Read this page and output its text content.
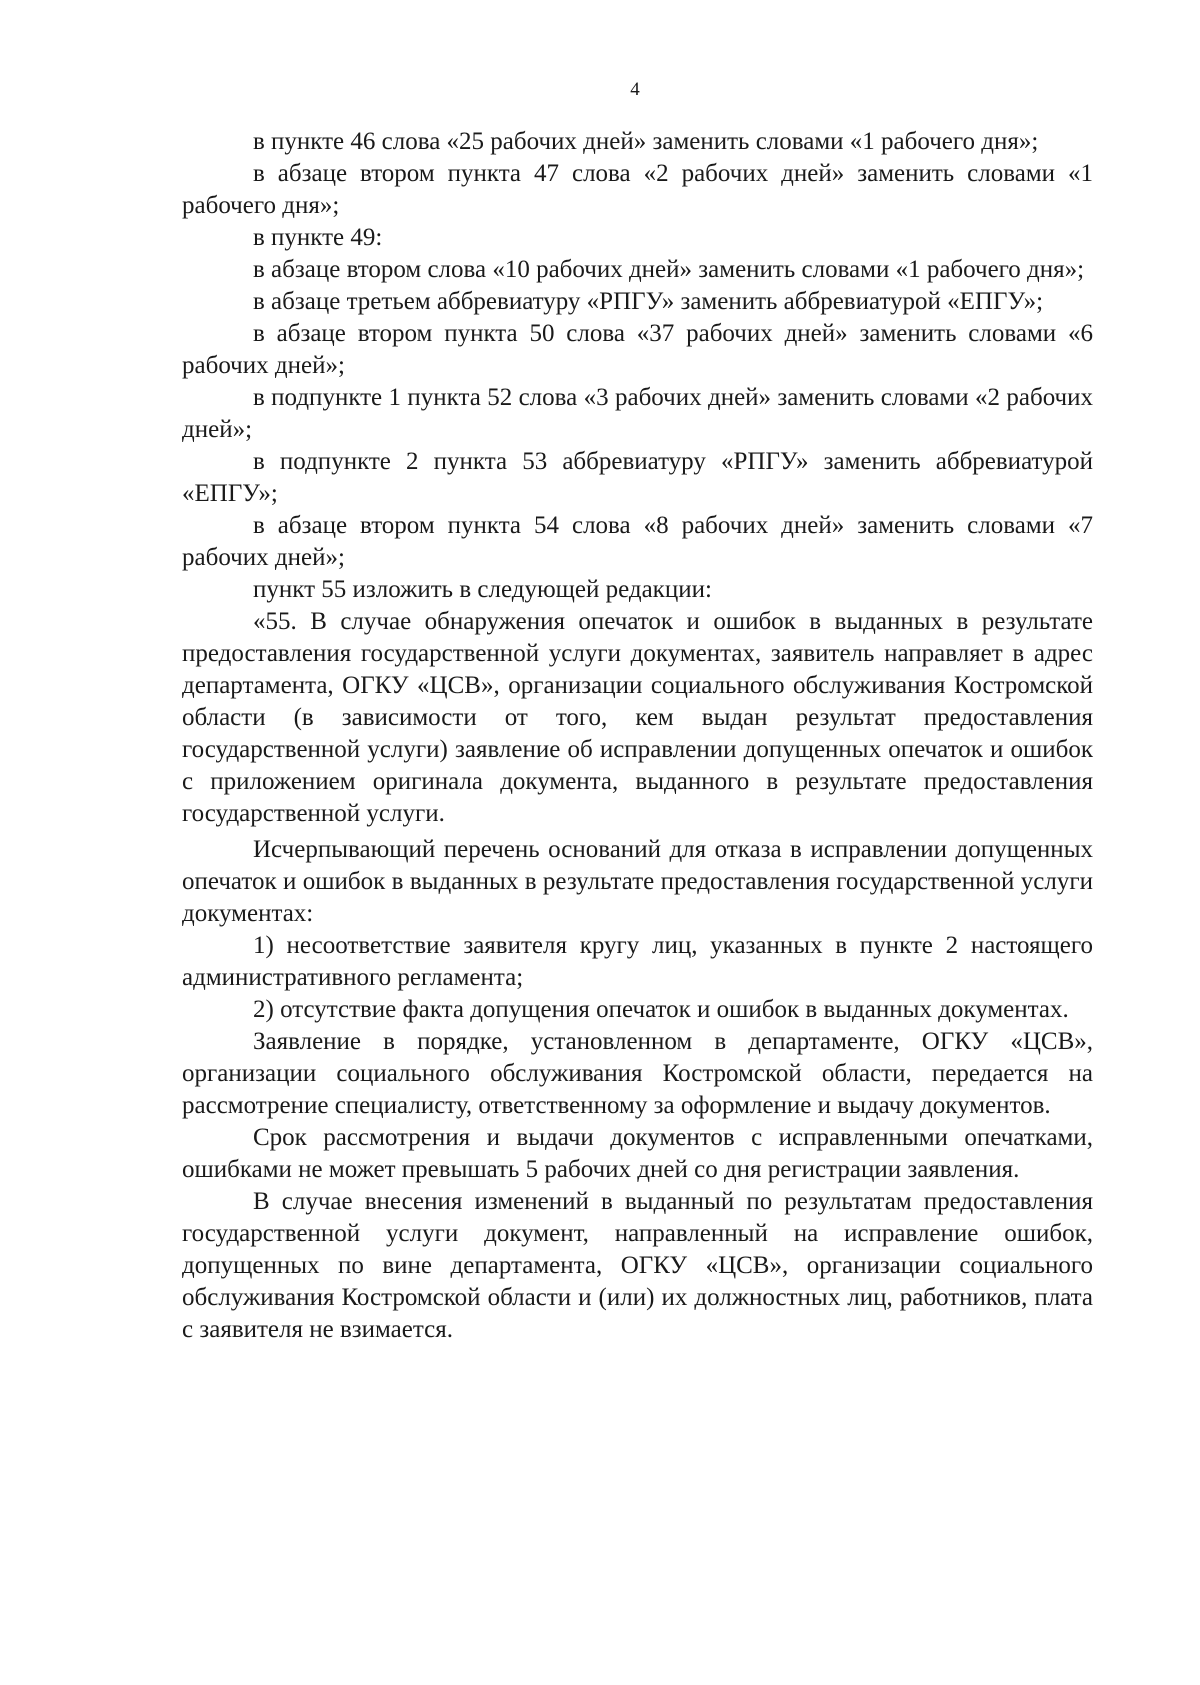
4

в пункте 46 слова «25 рабочих дней» заменить словами «1 рабочего дня»;

в абзаце втором пункта 47 слова «2 рабочих дней» заменить словами «1 рабочего дня»;

в пункте 49:

в абзаце втором слова «10 рабочих дней» заменить словами «1 рабочего дня»;

в абзаце третьем аббревиатуру «РПГУ» заменить аббревиатурой «ЕПГУ»;

в абзаце втором пункта 50 слова «37 рабочих дней» заменить словами «6 рабочих дней»;

в подпункте 1 пункта 52 слова «3 рабочих дней» заменить словами «2 рабочих дней»;

в подпункте 2 пункта 53 аббревиатуру «РПГУ» заменить аббревиатурой «ЕПГУ»;

в абзаце втором пункта 54 слова «8 рабочих дней» заменить словами «7 рабочих дней»;

пункт 55 изложить в следующей редакции:

«55. В случае обнаружения опечаток и ошибок в выданных в результате предоставления государственной услуги документах, заявитель направляет в адрес департамента, ОГКУ «ЦСВ», организации социального обслуживания Костромской области (в зависимости от того, кем выдан результат предоставления государственной услуги) заявление об исправлении допущенных опечаток и ошибок с приложением оригинала документа, выданного в результате предоставления государственной услуги.

Исчерпывающий перечень оснований для отказа в исправлении допущенных опечаток и ошибок в выданных в результате предоставления государственной услуги документах:

1) несоответствие заявителя кругу лиц, указанных в пункте 2 настоящего административного регламента;

2) отсутствие факта допущения опечаток и ошибок в выданных документах.

Заявление в порядке, установленном в департаменте, ОГКУ «ЦСВ», организации социального обслуживания Костромской области, передается на рассмотрение специалисту, ответственному за оформление и выдачу документов.

Срок рассмотрения и выдачи документов с исправленными опечатками, ошибками не может превышать 5 рабочих дней со дня регистрации заявления.

В случае внесения изменений в выданный по результатам предоставления государственной услуги документ, направленный на исправление ошибок, допущенных по вине департамента, ОГКУ «ЦСВ», организации социального обслуживания Костромской области и (или) их должностных лиц, работников, плата с заявителя не взимается.
